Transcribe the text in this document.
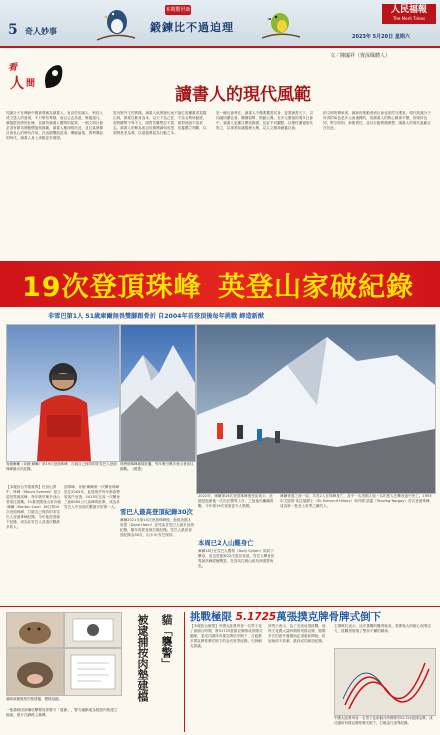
5 奇人妙事
本期驚世新
鍛鍊比不過迫理
人民福報
The Merit Times
2023年 5月20日 星期六
看
人 間
文／陳國祥（資深媒體人）
讀書人的現代風範
知識分子在傳統中國被尊稱為讀書人，有高於知識人、科技人或文憑人的意境，不只學有專精，而且心志高遠，修養超凡，懷抱經世濟民壯懷，並維持讀書人獨特的氣質。一個文明社會必須有精英帶動價值與典範，讀書人應深明於此，並且當發揮社會良心的時代作用。在這個價值混淆、傳統淪喪、貴利興起的時代，讀書人身上承擔更多期望。
是內聖外王的實踐。讀書人欲實踐仕途不論位高權重或退隱山林，都要以修身為本，以天下為己任，不為名利所動搖，面對權勢不卑不亢，面對苦難堅忍不拔，面對誘惑不改其志。讀書人的修為來自長期閱讀與省思，培養獨立判斷，以明辨是非為要，以道德勇氣為行動之本。
是一種社會責任。讀書人不僅要獨善其身，更要兼善天下，以知識回饋社會，關懷弱勢，推動公義。在多元價值的現代社會中，讀書人更應以開放胸襟，包容不同觀點，以理性溝通取代對立，以專業知識服務大眾，以人文精神涵養社會。
兩文明的傳承者，創新的推動者和社會良知的守護者。現代知識分子所得的角色是多元而複雜的，但讀書人的核心精神不變，即秉持良知，堅守原則，承擔責任，並以行動實踐理想，讀書人的現代風範正在於此。
19次登頂珠峰 英登山家破紀錄
非雪巴第1人 51歲庫爾無畏雙腳跟骨折 自2004年首登頂後每年挑戰 締造新猷
肯頓庫爾（肯頓·庫爾）第19次登頂珠峰，打破自己保持的非雪巴人登頂珠峰最多次紀錄。
珠穆朗瑪峰雄偉壯觀，每年吸引眾多登山者前往挑戰。（路透）
【本報綜合外電報導】在登山界中，珠峰（Mount Everest）是公認世界最高峰，每年吸引眾多登山者前往挑戰。51歲英國登山家肯頓·庫爾（Kenton Cool）18日第19次登頂珠峰，打破自己保持的非雪巴人登頂珠峰紀錄。今年他再度創下紀錄，成為非雪巴人登頂次數最多的人。
頂珠峰。肯頓·庫爾第一次攀登珠峰是在2004年，此後幾乎每年都會帶領客戶登頂，2013年完成一次攀登三座8000公尺高峰的壯舉，成為非雪巴人中登頂次數最多的第一人。
雪巴人最高登頂紀錄30次
庫爾2021年第15次登頂珠峰後，他與美國人哈恩（Dave Hahn）並列為非雪巴人最多登頂紀錄，隔年再度登頂打破紀錄。雪巴人最高登頂紀錄為30次，由卡米·雪巴保持。
2022年，庫爾第16次登頂珠峰後受訪表示，此趟是他最後一次出任嚮導工作，之後他仍繼續挑戰，今年第19次登頂更令人敬佩。
本周已2人山難身亡
庫爾18日在雪巴人嚮導（Dorji Gyljen）陪同下攀登，這也是他第22次嘗試登頂。雪巴人攀登世界最高峰經驗豐富，在喜馬拉雅山區扮演重要角色。
庫爾登頂之前一周，共有2人在珠峰身亡，其中一名美國人與一名印度人在攀登途中死亡。1953年艾德蒙·希拉瑞爵士（Sir Edmund Hillary）和丹增·諾蓋（Tenzing Norgay）首次登頂珠峰，成為第一批登上世界之巔的人。
貓咪被捕後按肉墊建檔，模樣逗趣。
一隻貓咪因涉嫌攻擊警員被警方「逮捕」，警方幽默地為牠按肉墊建立檔案，照片在網路上瘋傳。
貓「襲警」
被逮捕按肉墊建檔	挑戰極限 5.1725萬張撲克牌骨牌式倒下
【本報綜合報導】中國大陸貴州省一名男子花了兩個月時間，將51725張撲克牌排成骨牌式圖案，並成功讓所有撲克牌依序倒下，打破最多撲克牌骨牌式倒下的金氏世界紀錄，引發網友熱議。
該男子表示，為了完成這項挑戰，他每天花費大量時間排列撲克牌，期間多次因意外碰倒而必須重新開始，但他始終不放棄，最終成功締造紀錄。
主辦單位表示，這次挑戰的難度極高，需要極大的耐心與專注力，挑戰者展現了堅持不懈的精神。
中國大陸貴州省一名男子花兩個月時間排列51725張撲克牌，成功讓所有撲克牌骨牌式倒下，打破金氏世界紀錄。
